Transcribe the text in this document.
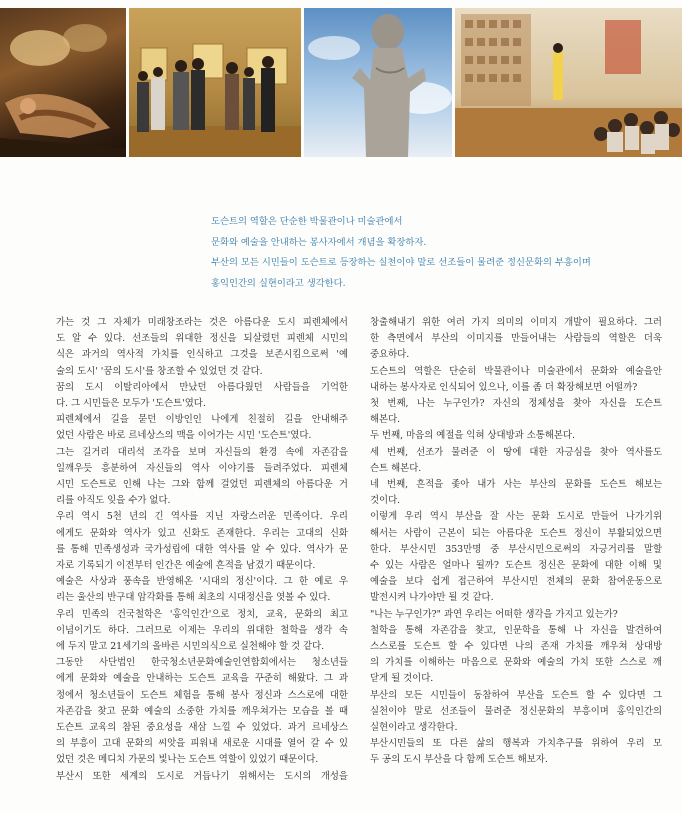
도슨트의 역할은 단순한 박물관이나 미술관에서
문화와 예술을 안내하는 봉사자에서 개념을 확장하자.
부산의 모든 시민들이 도슨트로 등장하는 실천이야 말로 선조들이 물려준 정신문화의 부흥이며
홍익인간의 실현이라고 생각한다.
가는 것 그 자체가 미래창조라는 것은 아름다운 도시 피렌체에서
도 알 수 있다. 선조들의 위대한 정신을 되살렸던 피렌체 시민의
식은 과거의 역사적 가치를 인식하고 그것을 보존시킴으로써 '예
술의 도시' '꿈의 도시'를 창조할 수 있었던 것 같다.
꿈의 도시 이탈리아에서 만났던 아름다웠던 사람들을 기억한
다. 그 시민들은 모두가 '도슨트'였다.
피렌체에서 길을 묻던 이방인인 나에게 친절히 길을 안내해주
었던 사람은 바로 르네상스의 맥을 이어가는 시민 '도슨트'였다.
그는 길거리 대리석 조각을 보며 자신들의 환경 속에 자존감을
일깨우듯 흥분하여 자신들의 역사 이야기를 들려주었다. 피렌체
시민 도슨트로 인해 나는 그와 함께 걸었던 피렌체의 아름다운 거
리를 아직도 잊을 수가 없다.
우리 역시 5천 년의 긴 역사를 지닌 자랑스러운 민족이다. 우리
에게도 문화와 역사가 있고 신화도 존재한다. 우리는 고대의 신화
를 통해 민족생성과 국가성립에 대한 역사를 알 수 있다. 역사가 문
자로 기록되기 이전부터 인간은 예술에 흔적을 남겼기 때문이다.
예술은 사상과 풍속을 반영해온 '시대의 정신'이다. 그 한 예로 우
리는 울산의 반구대 암각화를 통해 최초의 시대정신을 엿볼 수 있다.
우리 민족의 건국철학은 '홍익인간'으로 정치, 교육, 문화의 최고
이념이기도 하다. 그러므로 이제는 우리의 위대한 철학을 생각 속
에 두지 말고 21세기의 올바른 시민의식으로 실천해야 할 것 같다.
그동안 사단법인 한국청소년문화예술인연합회에서는 청소년들
에게 문화와 예술을 안내하는 도슨트 교육을 꾸준히 해왔다. 그 과
정에서 청소년들이 도슨트 체험을 통해 봉사 정신과 스스로에 대한
자존감을 찾고 문화 예술의 소중한 가치를 깨우쳐가는 모습을 볼 때
도슨트 교육의 참된 중요성을 새삼 느낄 수 있었다. 과거 르네상스
의 부흥이 고대 문화의 씨앗을 피워내 새로운 시대를 열어 갈 수 있
었던 것은 메디치 가문의 빛나는 도슨트 역할이 있었기 때문이다.
부산시 또한 세계의 도시로 거듭나기 위해서는 도시의 개성을
창출해내기 위한 여러 가지 의미의 이미지 개발이 필요하다. 그러
한 측면에서 부산의 이미지를 만들어내는 사람들의 역할은 더욱
중요하다.
도슨트의 역할은 단순히 박물관이나 미술관에서 문화와 예술을안
내하는 봉사자로 인식되어 있으나, 이를 좀 더 확장해보면 어떨까?
첫 번째, 나는 누구인가? 자신의 정체성을 찾아 자신을 도슨트
해본다.
두 번째, 마음의 예절을 익혀 상대방과 소통해본다.
세 번째, 선조가 물려준 이 땅에 대한 자긍심을 찾아 역사를도
슨트 해본다.
네 번째, 흔적을 좇아 내가 사는 부산의 문화를 도슨트 해보는
것이다.
이렇게 우리 역시 부산을 잘 사는 문화 도시로 만들어 나가기위
해서는 사람이 근본이 되는 아름다운 도슨트 정신이 부활되었으면
한다. 부산시민 353만명 중 부산시민으로써의 자긍거리를 말할
수 있는 사람은 얼마나 될까? 도슨트 정신은 문화에 대한 이해 및
예술을 보다 쉽게 접근하여 부산시민 전체의 문화 참여운동으로
발전시켜 나가야만 될 것 같다.
"나는 누구인가?" 과연 우리는 어떠한 생각을 가지고 있는가?
철학을 통해 자존감을 찾고, 인문학을 통해 나 자신을 발견하여
스스로를 도슨트 할 수 있다면 나의 존재 가치를 깨우쳐 상대방
의 가치를 이해하는 마음으로 문화와 예술의 가치 또한 스스로 깨
닫게 될 것이다.
부산의 모든 시민들이 동참하여 부산을 도슨트 할 수 있다면 그
실천이야 말로 선조들이 물려준 정신문화의 부흥이며 홍익인간의
실현이라고 생각한다.
부산시민들의 또 다른 삶의 행복과 가치추구를 위하여 우리 모
두 공의 도시 부산을 다 함께 도슨트 해보자.
